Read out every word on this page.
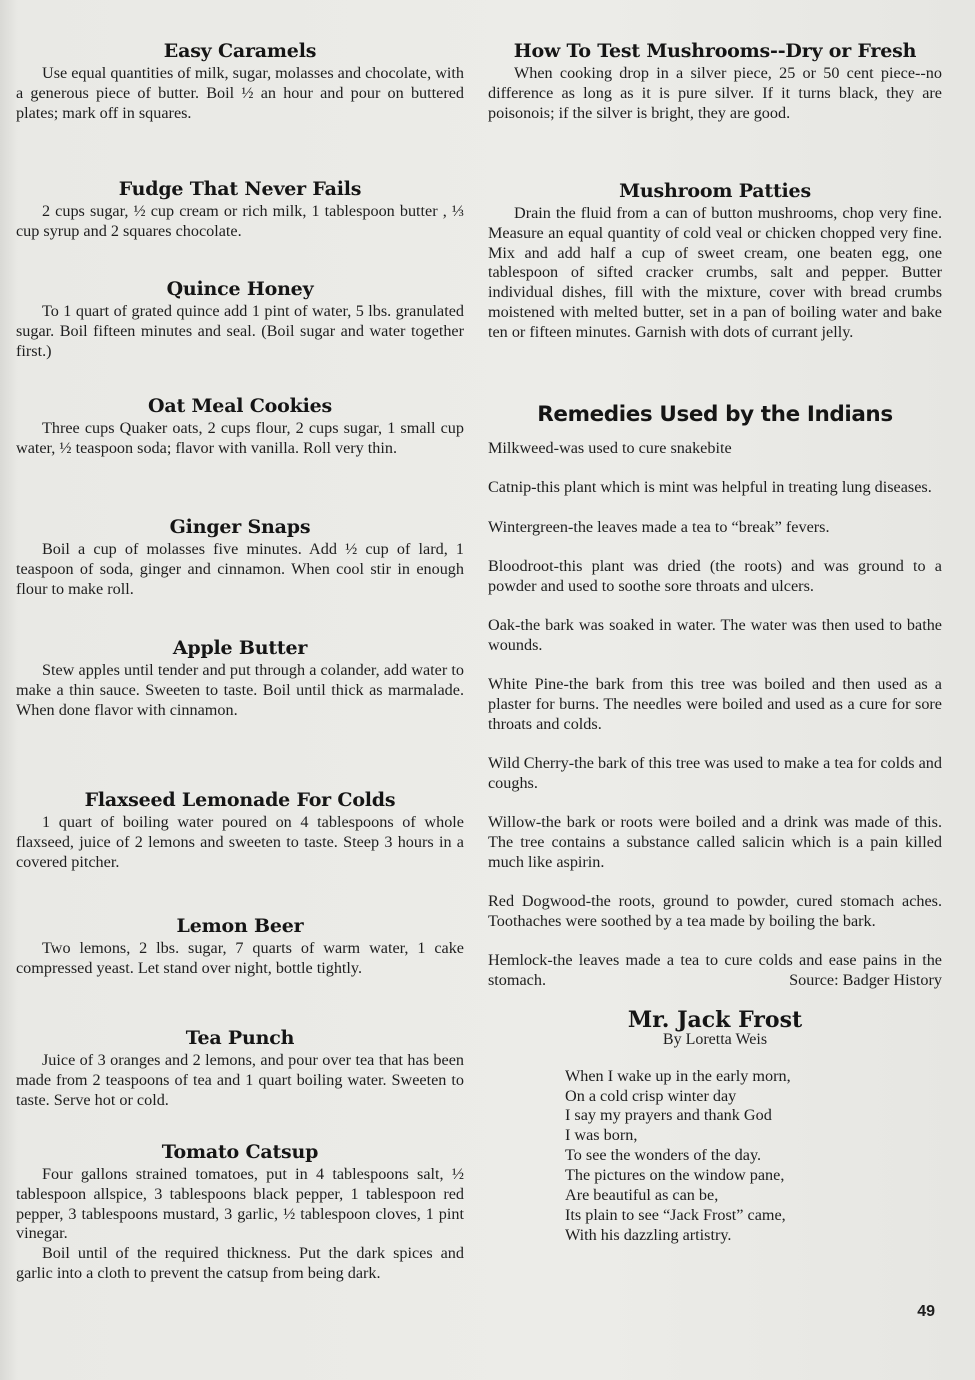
Easy Caramels

Use equal quantities of milk, sugar, molasses and chocolate, with a generous piece of butter. Boil ½ an hour and pour on buttered plates; mark off in squares.

Fudge That Never Fails

2 cups sugar, ½ cup cream or rich milk, 1 tablespoon butter , ⅓ cup syrup and 2 squares chocolate.

Quince Honey

To 1 quart of grated quince add 1 pint of water, 5 lbs. granulated sugar. Boil fifteen minutes and seal. (Boil sugar and water together first.)

Oat Meal Cookies

Three cups Quaker oats, 2 cups flour, 2 cups sugar, 1 small cup water, ½ teaspoon soda; flavor with vanilla. Roll very thin.

Ginger Snaps

Boil a cup of molasses five minutes. Add ½ cup of lard, 1 teaspoon of soda, ginger and cinnamon. When cool stir in enough flour to make roll.

Apple Butter

Stew apples until tender and put through a colander, add water to make a thin sauce. Sweeten to taste. Boil until thick as marmalade. When done flavor with cinnamon.

Flaxseed Lemonade For Colds

1 quart of boiling water poured on 4 tablespoons of whole flaxseed, juice of 2 lemons and sweeten to taste. Steep 3 hours in a covered pitcher.

Lemon Beer

Two lemons, 2 lbs. sugar, 7 quarts of warm water, 1 cake compressed yeast. Let stand over night, bottle tightly.

Tea Punch

Juice of 3 oranges and 2 lemons, and pour over tea that has been made from 2 teaspoons of tea and 1 quart boiling water. Sweeten to taste. Serve hot or cold.

Tomato Catsup

Four gallons strained tomatoes, put in 4 tablespoons salt, ½ tablespoon allspice, 3 tablespoons black pepper, 1 tablespoon red pepper, 3 tablespoons mustard, 3 garlic, ½ tablespoon cloves, 1 pint vinegar.

Boil until of the required thickness. Put the dark spices and garlic into a cloth to prevent the catsup from being dark.

How To Test Mushrooms--Dry or Fresh

When cooking drop in a silver piece, 25 or 50 cent piece--no difference as long as it is pure silver. If it turns black, they are poisonois; if the silver is bright, they are good.

Mushroom Patties

Drain the fluid from a can of button mushrooms, chop very fine. Measure an equal quantity of cold veal or chicken chopped very fine. Mix and add half a cup of sweet cream, one beaten egg, one tablespoon of sifted cracker crumbs, salt and pepper. Butter individual dishes, fill with the mixture, cover with bread crumbs moistened with melted butter, set in a pan of boiling water and bake ten or fifteen minutes. Garnish with dots of currant jelly.

Remedies Used by the Indians

Milkweed-was used to cure snakebite

Catnip-this plant which is mint was helpful in treating lung diseases.

Wintergreen-the leaves made a tea to “break” fevers.

Bloodroot-this plant was dried (the roots) and was ground to a powder and used to soothe sore throats and ulcers.

Oak-the bark was soaked in water. The water was then used to bathe wounds.

White Pine-the bark from this tree was boiled and then used as a plaster for burns. The needles were boiled and used as a cure for sore throats and colds.

Wild Cherry-the bark of this tree was used to make a tea for colds and coughs.

Willow-the bark or roots were boiled and a drink was made of this. The tree contains a substance called salicin which is a pain killed much like aspirin.

Red Dogwood-the roots, ground to powder, cured stomach aches. Toothaches were soothed by a tea made by boiling the bark.

Hemlock-the leaves made a tea to cure colds and ease pains in the stomach.	Source: Badger History

Mr. Jack Frost
By Loretta Weis
When I wake up in the early morn,
On a cold crisp winter day
I say my prayers and thank God
I was born,
To see the wonders of the day.
The pictures on the window pane,
Are beautiful as can be,
Its plain to see “Jack Frost” came,
With his dazzling artistry.
49
